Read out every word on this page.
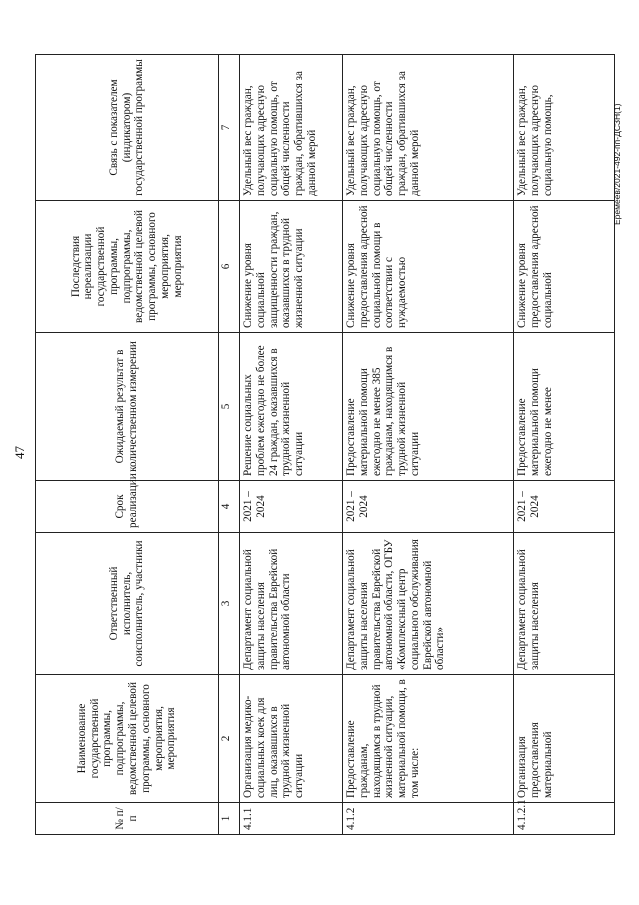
47
№ п/п	Наименование государственной программы, подпрограммы, ведомственной целевой программы, основного мероприятия, мероприятия	Ответственный исполнитель, соисполнитель, участники	Срок реализации	Ожидаемый результат в количественном измерении	Последствия нереализации государственной программы, подпрограммы, ведомственной целевой программы, основного мероприятия, мероприятия	Связь с показателем (индикатором) государственной программы
1	2	3	4	5	6	7
4.1.1	Организация медико-социальных коек для лиц, оказавшихся в трудной жизненной ситуации	Департамент социальной защиты населения правительства Еврейской автономной области	2021 – 2024	Решение социальных проблем ежегодно не более 24 граждан, оказавшихся в трудной жизненной ситуации	Снижение уровня социальной защищенности граждан, оказавшихся в трудной жизненной ситуации	Удельный вес граждан, получающих адресную социальную помощь, от общей численности граждан, обратившихся за данной мерой
4.1.2	Предоставление гражданам, находящимся в трудной жизненной ситуации, материальной помощи, в том числе:	Департамент социальной защиты населения правительства Еврейской автономной области, ОГБУ «Комплексный центр социального обслуживания Еврейской автономной области»	2021 – 2024	Предоставление материальной помощи ежегодно не менее 385 гражданам, находящимся в трудной жизненной ситуации	Снижение уровня предоставления адресной социальной помощи в соответствии с нуждаемостью	Удельный вес граждан, получающих адресную социальную помощь, от общей численности граждан, обратившихся за данной мерой
4.1.2.1	Организация предоставления материальной	Департамент социальной защиты населения	2021 – 2024	Предоставление материальной помощи ежегодно не менее	Снижение уровня предоставления адресной социальной	Удельный вес граждан, получающих адресную социальную помощь,	Еремеев/2021-492-пп-ДСЗН(1)
